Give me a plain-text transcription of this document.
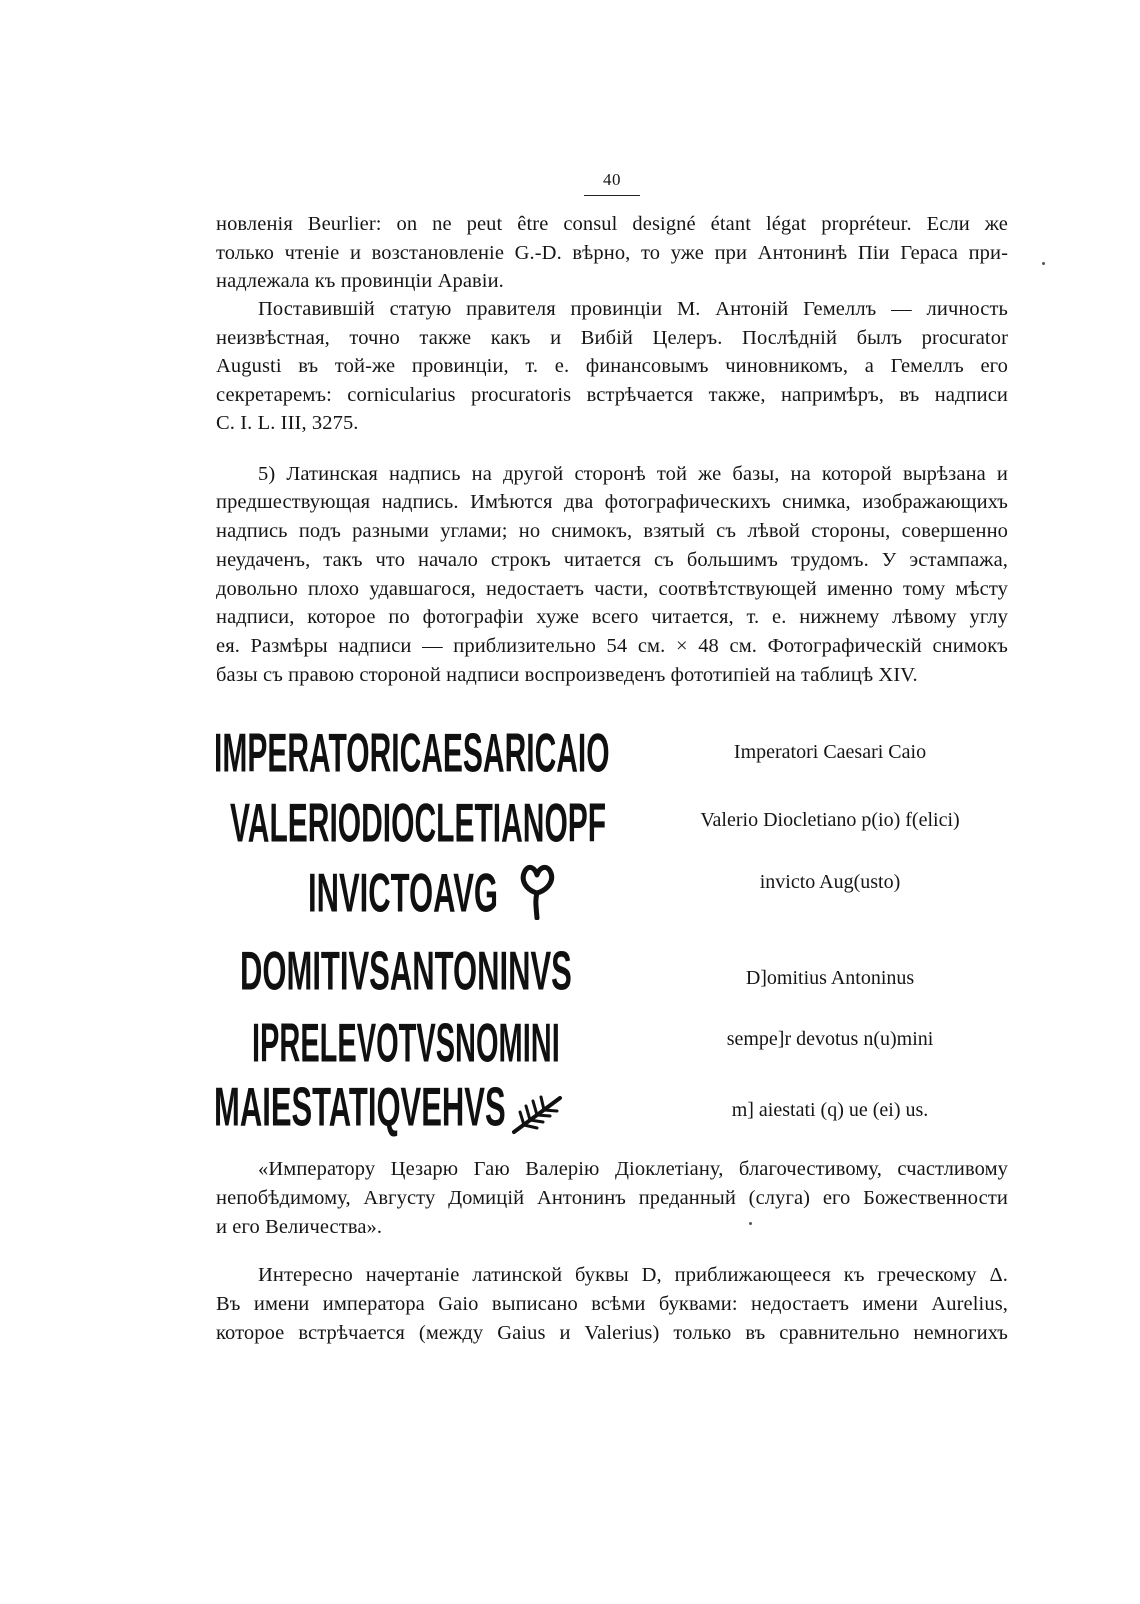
40
новленія Beurlier: on ne peut être consul designé étant légat propréteur. Если же
только чтеніе и возстановленіе G.-D. вѣрно, то уже при Антонинѣ Піи Гераса при-
надлежала къ провинціи Аравіи.
Поставившій статую правителя провинціи М. Антоній Гемеллъ — личность
неизвѣстная, точно также какъ и Вибій Целеръ. Послѣдній былъ procurator
Augusti въ той-же провинціи, т. е. финансовымъ чиновникомъ, а Гемеллъ его
секретаремъ: cornicularius procuratoris встрѣчается также, напримѣръ, въ надписи
C. I. L. III, 3275.
5) Латинская надпись на другой сторонѣ той же базы, на которой вырѣзана и
предшествующая надпись. Имѣются два фотографическихъ снимка, изображающихъ
надпись подъ разными углами; но снимокъ, взятый съ лѣвой стороны, совершенно
неудаченъ, такъ что начало строкъ читается съ большимъ трудомъ. У эстампажа,
довольно плохо удавшагося, недостаетъ части, соотвѣтствующей именно тому мѣсту
надписи, которое по фотографіи хуже всего читается, т. е. нижнему лѣвому углу
ея. Размѣры надписи — приблизительно 54 см. × 48 см. Фотографическій снимокъ
базы съ правою стороной надписи воспроизведенъ фототипіей на таблицѣ XIV.
IMPERATORICAESARICAIO
VALERIODIOCLETIANOPF
INVICTOAVG
DOMITIVSANTONINVS
IPRELEVOTVSNOMINI
MAIESTATIQVEHVS
Imperatori Caesari Caio
Valerio Diocletiano p(io) f(elici)
invicto Aug(usto)
D]omitius Antoninus
sempe]r devotus n(u)mini
m] aiestati (q) ue (ei) us.
«Императору Цезарю Гаю Валерію Діоклетіану, благочестивому, счастливому
непобѣдимому, Августу Домицій Антонинъ преданный (слуга) его Божественности
и его Величества».
Интересно начертаніе латинской буквы D, приближающееся къ греческому Δ.
Въ имени императора Gaio выписано всѣми буквами: недостаетъ имени Aurelius,
которое встрѣчается (между Gaius и Valerius) только въ сравнительно немногихъ
